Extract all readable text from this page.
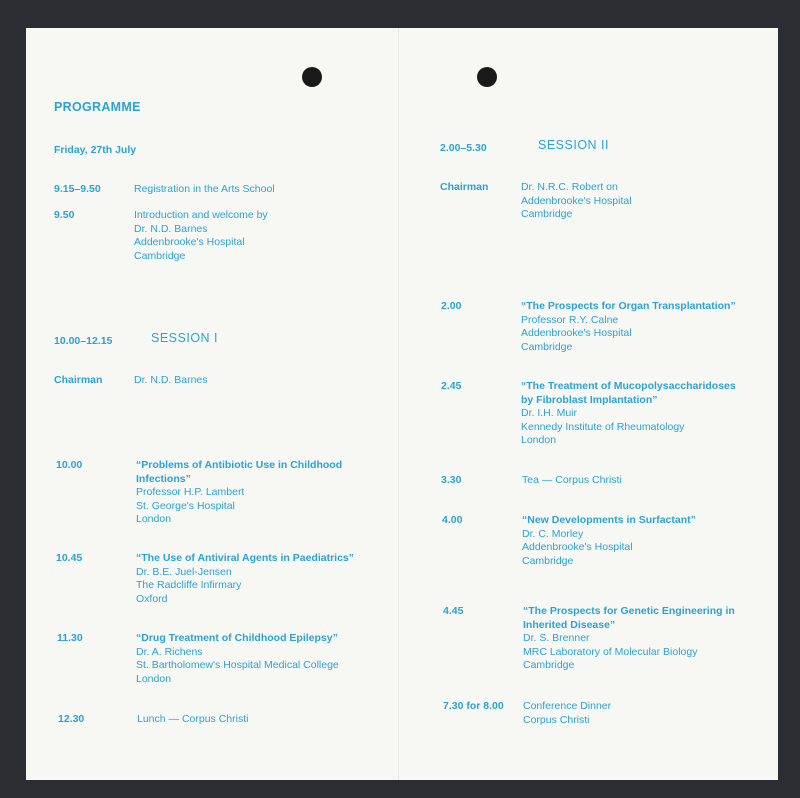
PROGRAMME
Friday, 27th July
9.15–9.50	Registration in the Arts School
9.50	Introduction and welcome by
Dr. N.D. Barnes
Addenbrooke's Hospital
Cambridge
10.00–12.15	SESSION I
Chairman	Dr. N.D. Barnes
10.00	“Problems of Antibiotic Use in Childhood
Infections”
Professor H.P. Lambert
St. George's Hospital
London
10.45	“The Use of Antiviral Agents in Paediatrics”
Dr. B.E. Juel-Jensen
The Radcliffe Infirmary
Oxford
11.30	“Drug Treatment of Childhood Epilepsy”
Dr. A. Richens
St. Bartholomew's Hospital Medical College
London
12.30	Lunch — Corpus Christi
2.00–5.30	SESSION II
Chairman	Dr. N.R.C. Robert on
Addenbrooke's Hospital
Cambridge
2.00	“The Prospects for Organ Transplantation”
Professor R.Y. Calne
Addenbrooke's Hospital
Cambridge
2.45	“The Treatment of Mucopolysaccharidoses
by Fibroblast Implantation”
Dr. I.H. Muir
Kennedy Institute of Rheumatology
London
3.30	Tea — Corpus Christi
4.00	“New Developments in Surfactant”
Dr. C. Morley
Addenbrooke's Hospital
Cambridge
4.45	“The Prospects for Genetic Engineering in
Inherited Disease”
Dr. S. Brenner
MRC Laboratory of Molecular Biology
Cambridge
7.30 for 8.00 Conference Dinner
Corpus Christi
